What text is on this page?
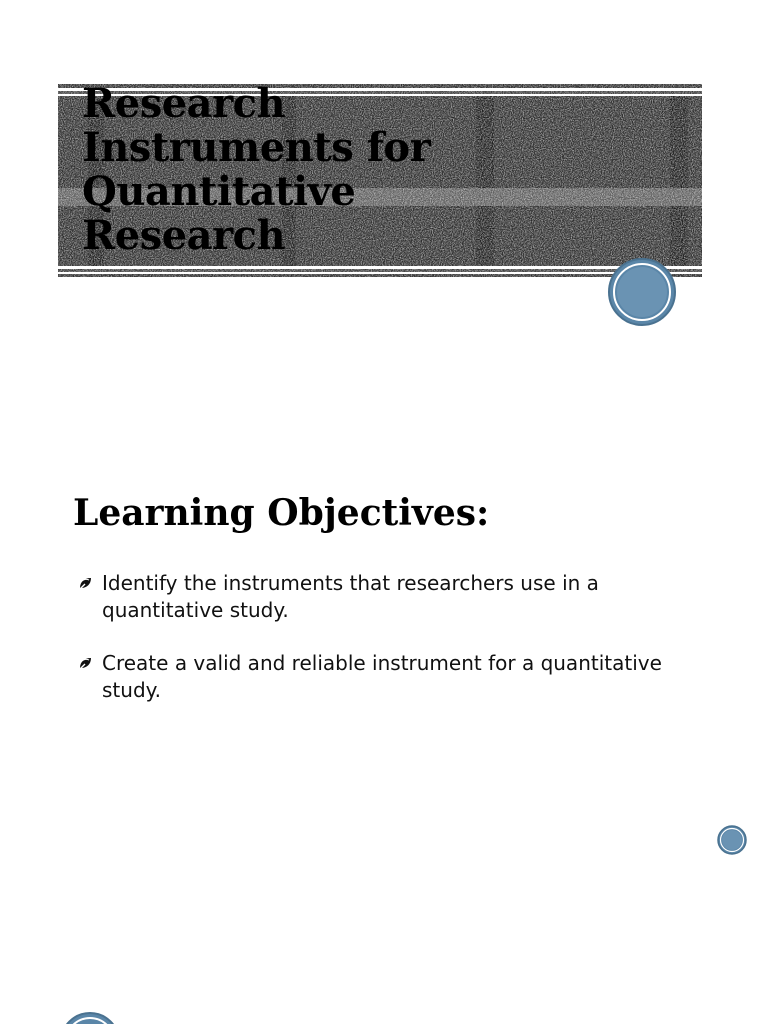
Research Instruments for Quantitative Research
Learning Objectives:
Identify the instruments that researchers use in a quantitative study.
Create a valid and reliable instrument for a quantitative study.
